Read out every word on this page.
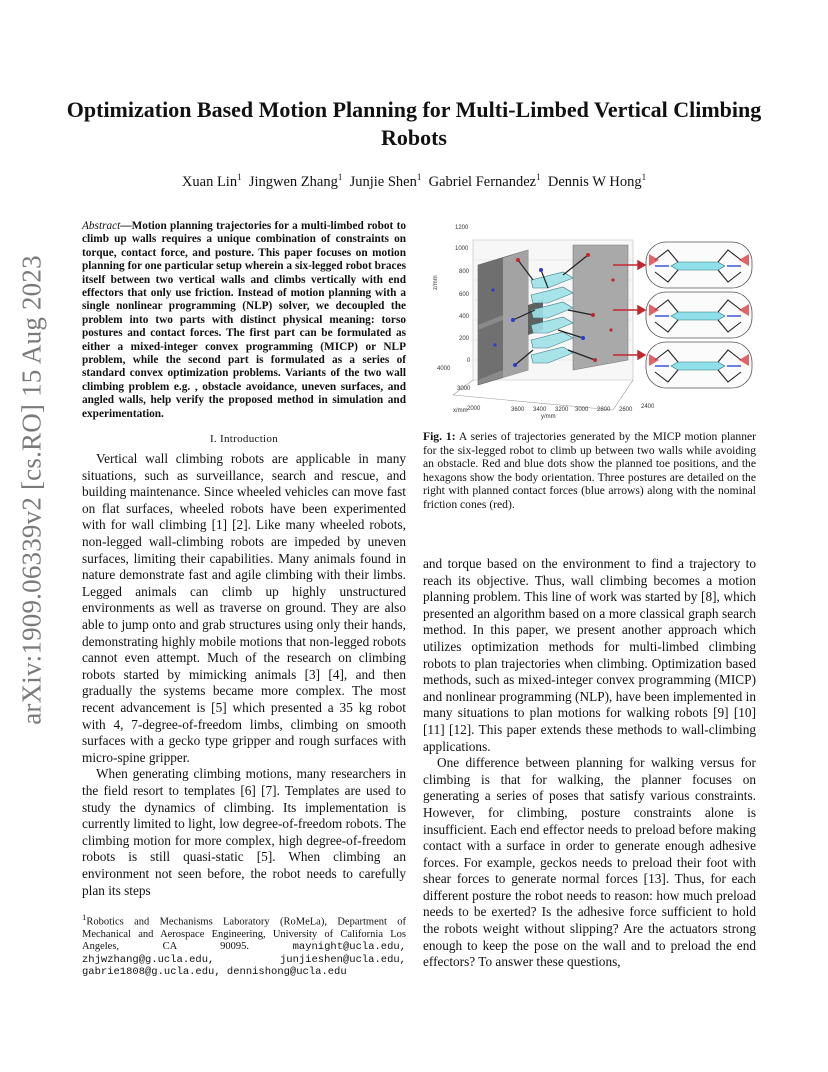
arXiv:1909.06339v2 [cs.RO] 15 Aug 2023
Optimization Based Motion Planning for Multi-Limbed Vertical Climbing Robots
Xuan Lin$^1$ Jingwen Zhang$^1$ Junjie Shen$^1$ Gabriel Fernandez$^1$ Dennis W Hong$^1$

Abstract—Motion planning trajectories for a multi-limbed robot to climb up walls requires a unique combination of constraints on torque, contact force, and posture. This paper focuses on motion planning for one particular setup wherein a six-legged robot braces itself between two vertical walls and climbs vertically with end effectors that only use friction. Instead of motion planning with a single nonlinear programming (NLP) solver, we decoupled the problem into two parts with distinct physical meaning: torso postures and contact forces. The first part can be formulated as either a mixed-integer convex programming (MICP) or NLP problem, while the second part is formulated as a series of standard convex optimization problems. Variants of the two wall climbing problem e.g. , obstacle avoidance, uneven surfaces, and angled walls, help verify the proposed method in simulation and experimentation.

I. Introduction

Vertical wall climbing robots are applicable in many situations, such as surveillance, search and rescue, and building maintenance. Since wheeled vehicles can move fast on flat surfaces, wheeled robots have been experimented with for wall climbing [1] [2]. Like many wheeled robots, non-legged wall-climbing robots are impeded by uneven surfaces, limiting their capabilities. Many animals found in nature demonstrate fast and agile climbing with their limbs. Legged animals can climb up highly unstructured environments as well as traverse on ground. They are also able to jump onto and grab structures using only their hands, demonstrating highly mobile motions that non-legged robots cannot even attempt. Much of the research on climbing robots started by mimicking animals [3] [4], and then gradually the systems became more complex. The most recent advancement is [5] which presented a 35 kg robot with 4, 7-degree-of-freedom limbs, climbing on smooth surfaces with a gecko type gripper and rough surfaces with micro-spine gripper.

When generating climbing motions, many researchers in the field resort to templates [6] [7]. Templates are used to study the dynamics of climbing. Its implementation is currently limited to light, low degree-of-freedom robots. The climbing motion for more complex, high degree-of-freedom robots is still quasi-static [5]. When climbing an environment not seen before, the robot needs to carefully plan its steps

$^1$Robotics and Mechanisms Laboratory (RoMeLa), Department of Mechanical and Aerospace Engineering, University of California Los Angeles, CA 90095.	maynight@ucla.edu, zhjwzhang@g.ucla.edu, junjieshen@ucla.edu, gabrie1808@g.ucla.edu, dennishong@ucla.edu
1200
1000
800
600
400
200
0
4000
3000
2000	3600 3400 3200 3000 2800 2600 2400
x/mm
y/mm
z/mm
Fig. 1: A series of trajectories generated by the MICP motion planner for the six-legged robot to climb up between two walls while avoiding an obstacle. Red and blue dots show the planned toe positions, and the hexagons show the body orientation. Three postures are detailed on the right with planned contact forces (blue arrows) along with the nominal friction cones (red).

and torque based on the environment to find a trajectory to reach its objective. Thus, wall climbing becomes a motion planning problem. This line of work was started by [8], which presented an algorithm based on a more classical graph search method. In this paper, we present another approach which utilizes optimization methods for multi-limbed climbing robots to plan trajectories when climbing. Optimization based methods, such as mixed-integer convex programming (MICP) and nonlinear programming (NLP), have been implemented in many situations to plan motions for walking robots [9] [10] [11] [12]. This paper extends these methods to wall-climbing applications.

One difference between planning for walking versus for climbing is that for walking, the planner focuses on generating a series of poses that satisfy various constraints. However, for climbing, posture constraints alone is insufficient. Each end effector needs to preload before making contact with a surface in order to generate enough adhesive forces. For example, geckos needs to preload their foot with shear forces to generate normal forces [13]. Thus, for each different posture the robot needs to reason: how much preload needs to be exerted? Is the adhesive force sufficient to hold the robots weight without slipping? Are the actuators strong enough to keep the pose on the wall and to preload the end effectors? To answer these questions,
